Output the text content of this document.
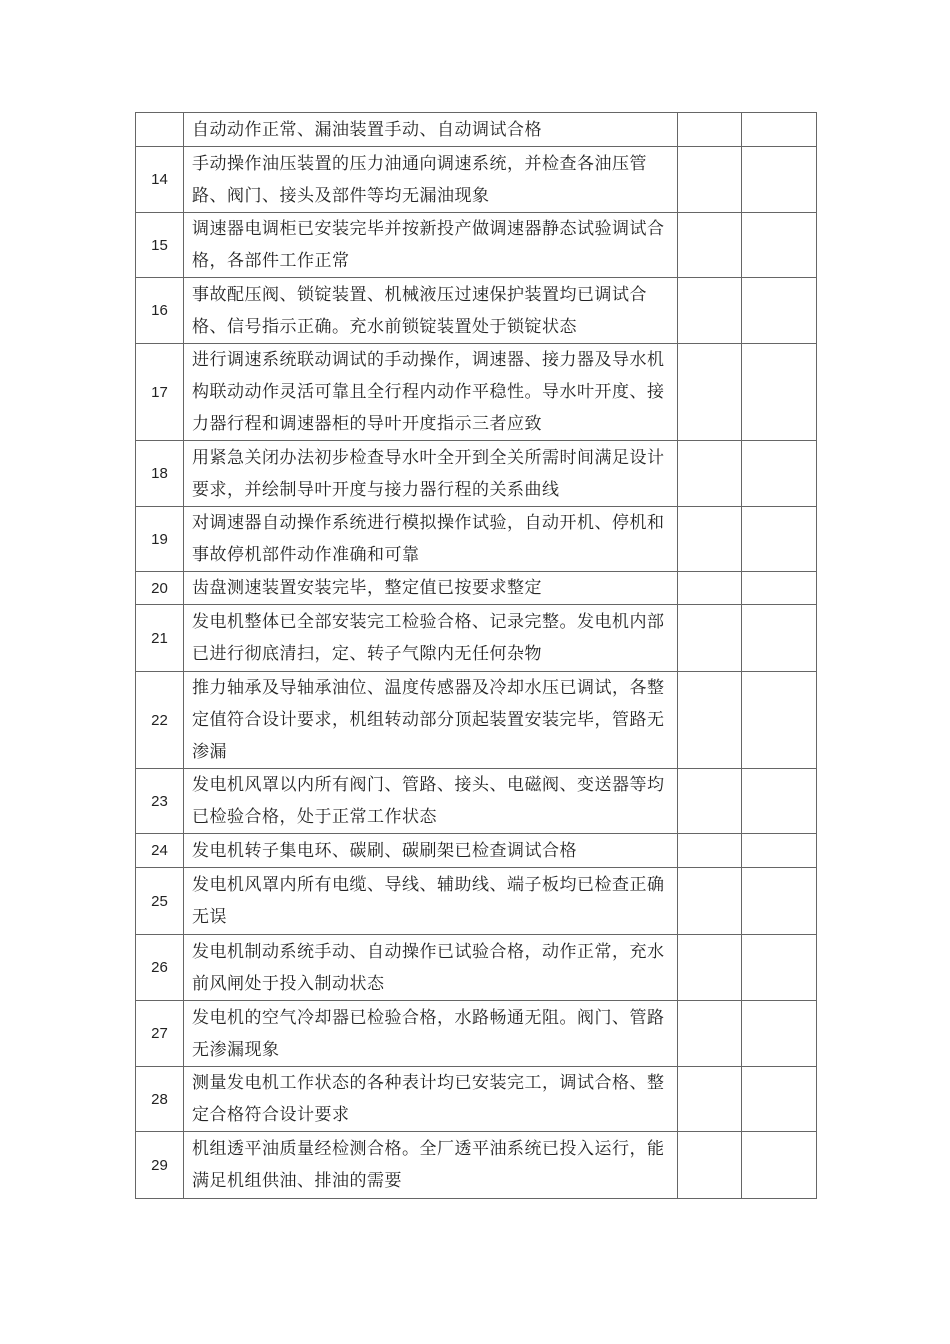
	自动动作正常、漏油装置手动、自动调试合格		
14	手动操作油压装置的压力油通向调速系统，并检查各油压管路、阀门、接头及部件等均无漏油现象		
15	调速器电调柜已安装完毕并按新投产做调速器静态试验调试合格，各部件工作正常		
16	事故配压阀、锁锭装置、机械液压过速保护装置均已调试合格、信号指示正确。充水前锁锭装置处于锁锭状态		
17	进行调速系统联动调试的手动操作，调速器、接力器及导水机构联动动作灵活可靠且全行程内动作平稳性。导水叶开度、接力器行程和调速器柜的导叶开度指示三者应致		
18	用紧急关闭办法初步检查导水叶全开到全关所需时间满足设计要求，并绘制导叶开度与接力器行程的关系曲线		
19	对调速器自动操作系统进行模拟操作试验，自动开机、停机和事故停机部件动作准确和可靠		
20	齿盘测速装置安装完毕，整定值已按要求整定		
21	发电机整体已全部安装完工检验合格、记录完整。发电机内部已进行彻底清扫，定、转子气隙内无任何杂物		
22	推力轴承及导轴承油位、温度传感器及冷却水压已调试，各整定值符合设计要求，机组转动部分顶起装置安装完毕，管路无渗漏		
23	发电机风罩以内所有阀门、管路、接头、电磁阀、变送器等均已检验合格，处于正常工作状态		
24	发电机转子集电环、碳刷、碳刷架已检查调试合格		
25	发电机风罩内所有电缆、导线、辅助线、端子板均已检查正确无误		
26	发电机制动系统手动、自动操作已试验合格，动作正常，充水前风闸处于投入制动状态		
27	发电机的空气冷却器已检验合格，水路畅通无阻。阀门、管路无渗漏现象		
28	测量发电机工作状态的各种表计均已安装完工，调试合格、整定合格符合设计要求		
29	机组透平油质量经检测合格。全厂透平油系统已投入运行，能满足机组供油、排油的需要		
